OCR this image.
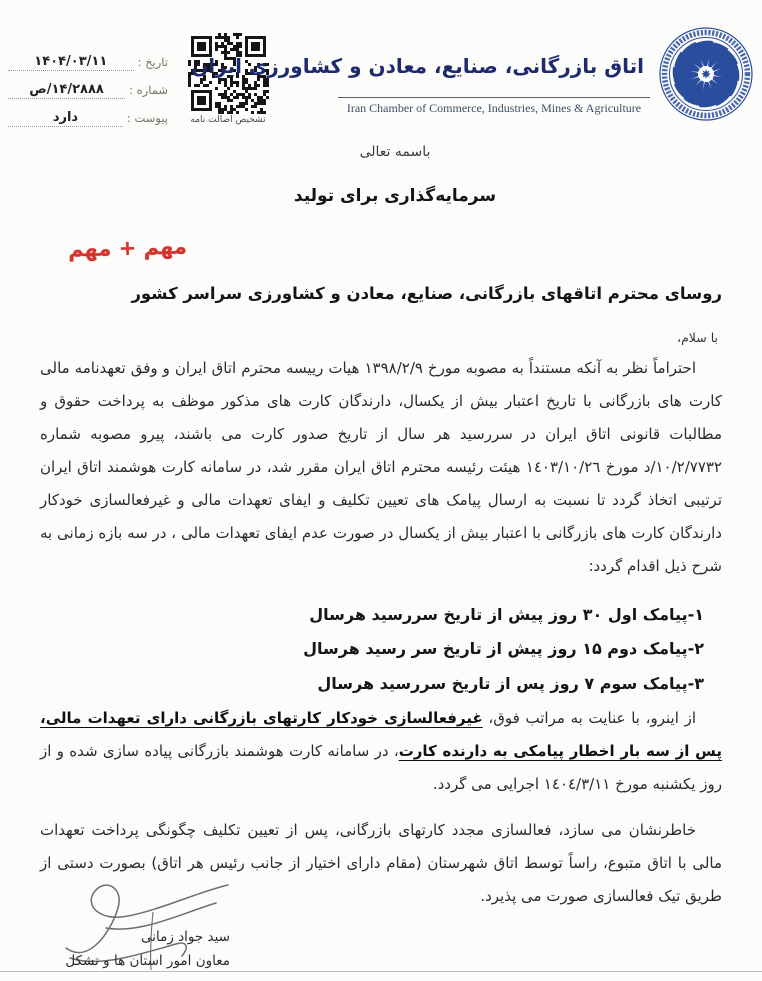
تاریخ :
۱۴۰۴/۰۳/۱۱
شماره :
۱۴/۲۸۸۸/ص
پیوست :
دارد	تشخیص اصالت نامه
اتاق بازرگانی، صنایع، معادن و کشاورزی ایران
Iran Chamber of Commerce, Industries, Mines & Agriculture
باسمه تعالی
سرمایه‌گذاری برای تولید
مهم + مهم
روسای محترم اتاقهای بازرگانی، صنایع، معادن و کشاورزی سراسر کشور
با سلام،
احتراماً نظر به آنکه مستنداً به مصوبه مورخ ۱۳۹۸/۲/۹ هیات رییسه محترم اتاق ایران و وفق تعهدنامه مالی کارت های بازرگانی با تاریخ اعتبار بیش از یکسال، دارندگان کارت های مذکور موظف به پرداخت حقوق و مطالبات قانونی اتاق ایران در سررسید هر سال از تاریخ صدور کارت می باشند، پیرو مصوبه شماره ۱۰/۲/۷۷۳۲/د مورخ ١٤٠٣/١٠/٢٦ هیئت رئیسه محترم اتاق ایران مقرر شد، در سامانه کارت هوشمند اتاق ایران ترتیبی اتخاذ گردد تا نسبت به ارسال پیامک های تعیین تکلیف و ایفای تعهدات مالی و غیرفعالسازی خودکار دارندگان کارت های بازرگانی با اعتبار بیش از یکسال در صورت عدم ایفای تعهدات مالی ، در سه بازه زمانی به شرح ذیل اقدام گردد:
۱-پیامک اول ۳۰ روز پیش از تاریخ سررسید هرسال
۲-پیامک دوم ۱۵ روز پیش از تاریخ سر رسید هرسال
۳-پیامک سوم ۷ روز پس از تاریخ سررسید هرسال
از اینرو، با عنایت به مراتب فوق، غیرفعالسازی خودکار کارتهای بازرگانی دارای تعهدات مالی، پس از سه بار اخطار پیامکی به دارنده کارت، در سامانه کارت هوشمند بازرگانی پیاده سازی شده و از روز یکشنبه مورخ ١٤٠٤/٣/١١ اجرایی می گردد.
خاطرنشان می سازد، فعالسازی مجدد کارتهای بازرگانی، پس از تعیین تکلیف چگونگی پرداخت تعهدات مالی با اتاق متبوع، راساً توسط اتاق شهرستان (مقام دارای اختیار از جانب رئیس هر اتاق) بصورت دستی از طریق تیک فعالسازی صورت می پذیرد.
سید جواد زمانی
معاون امور استان ها و تشکل
